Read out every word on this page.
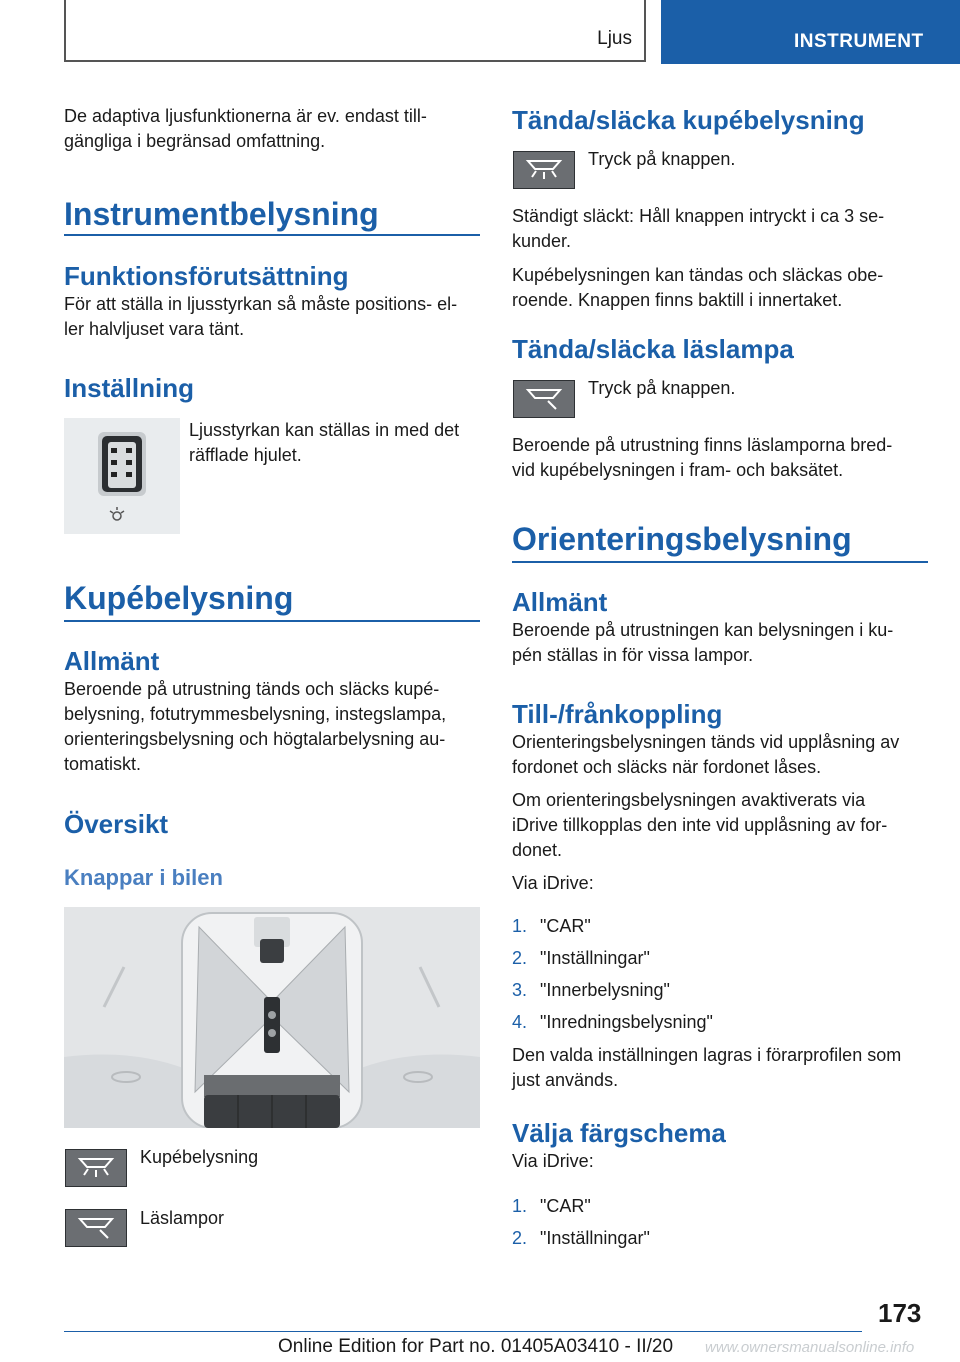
Ljus	INSTRUMENT

De adaptiva ljusfunktionerna är ev. endast till-

gängliga i begränsad omfattning.

Instrumentbelysning
Funktionsförutsättning

För att ställa in ljusstyrkan så måste positions- el-

ler halvljuset vara tänt.

Inställning

Ljusstyrkan kan ställas in med det

räfflade hjulet.

Kupébelysning
Allmänt

Beroende på utrustning tänds och släcks kupé-

belysning, fotutrymmesbelysning, instegslampa,

orienteringsbelysning och högtalarbelysning au-

tomatiskt.

Översikt
Knappar i bilen

Kupébelysning

Läslampor

Tända/släcka kupébelysning

Tryck på knappen.

Ständigt släckt: Håll knappen intryckt i ca 3 se-

kunder.

Kupébelysningen kan tändas och släckas obe-

roende. Knappen finns baktill i innertaket.

Tända/släcka läslampa

Tryck på knappen.

Beroende på utrustning finns läslamporna bred-

vid kupébelysningen i fram- och baksätet.

Orienteringsbelysning
Allmänt

Beroende på utrustningen kan belysningen i ku-

pén ställas in för vissa lampor.

Till-/frånkoppling

Orienteringsbelysningen tänds vid upplåsning av

fordonet och släcks när fordonet låses.

Om orienteringsbelysningen avaktiverats via

iDrive tillkopplas den inte vid upplåsning av for-

donet.

Via iDrive:

1. "CAR"
2. "Inställningar"
3. "Innerbelysning"
4. "Inredningsbelysning"

Den valda inställningen lagras i förarprofilen som

just används.

Välja färgschema

Via iDrive:

1. "CAR"
2. "Inställningar"
173
Online Edition for Part no. 01405A03410 - II/20 www.ownersmanualsonline.info
